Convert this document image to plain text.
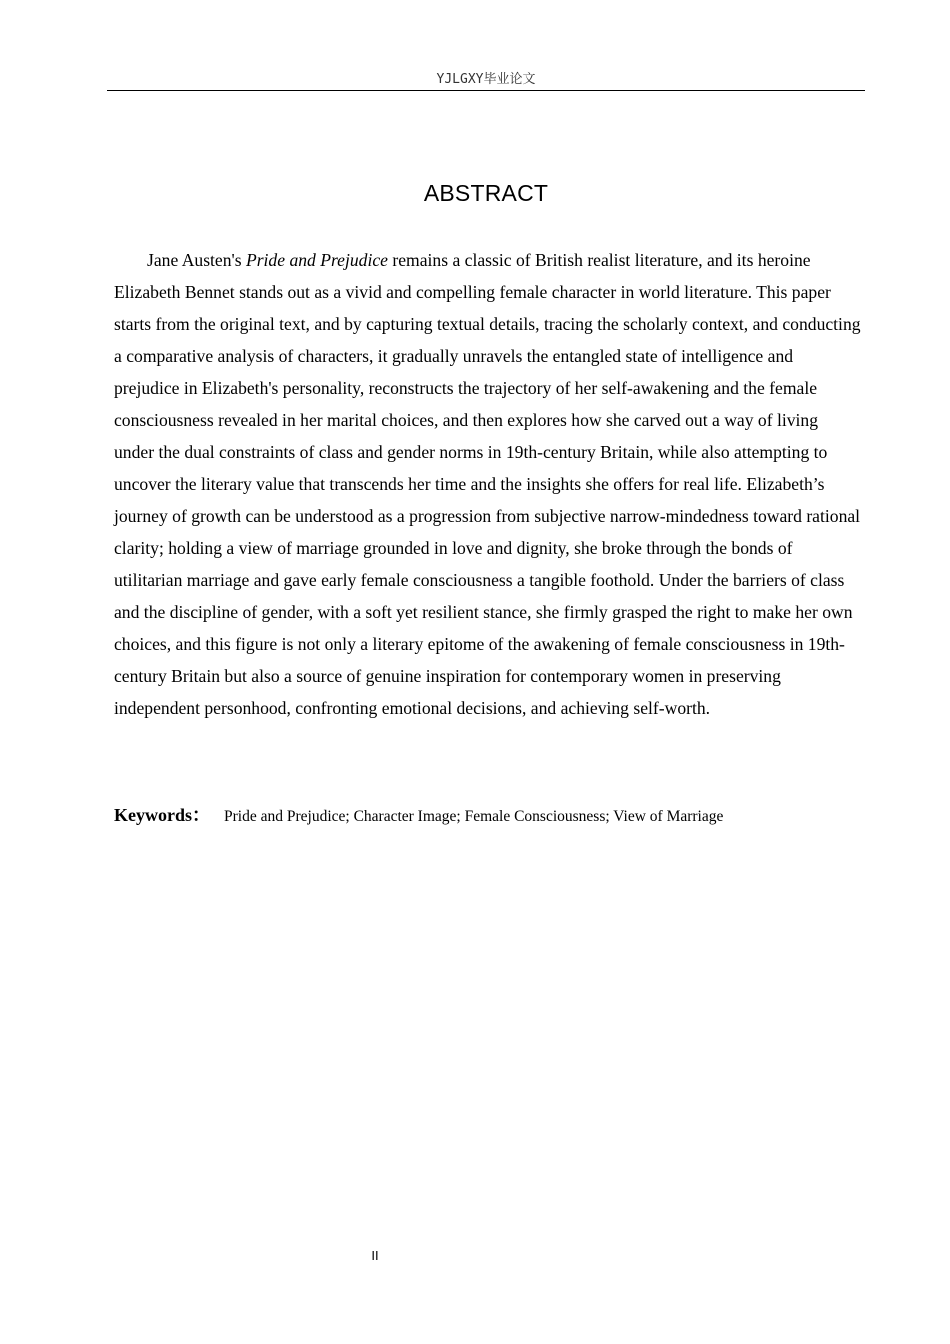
YJLGXY毕业论文
ABSTRACT

Jane Austen's Pride and Prejudice remains a classic of British realist literature, and its heroine Elizabeth Bennet stands out as a vivid and compelling female character in world literature. This paper starts from the original text, and by capturing textual details, tracing the scholarly context, and conducting a comparative analysis of characters, it gradually unravels the entangled state of intelligence and prejudice in Elizabeth's personality, reconstructs the trajectory of her self-awakening and the female consciousness revealed in her marital choices, and then explores how she carved out a way of living under the dual constraints of class and gender norms in 19th-century Britain, while also attempting to uncover the literary value that transcends her time and the insights she offers for real life. Elizabeth’s journey of growth can be understood as a progression from subjective narrow-mindedness toward rational clarity; holding a view of marriage grounded in love and dignity, she broke through the bonds of utilitarian marriage and gave early female consciousness a tangible foothold. Under the barriers of class and the discipline of gender, with a soft yet resilient stance, she firmly grasped the right to make her own choices, and this figure is not only a literary epitome of the awakening of female consciousness in 19th-century Britain but also a source of genuine inspiration for contemporary women in preserving independent personhood, confronting emotional decisions, and achieving self-worth.

Keywords： Pride and Prejudice; Character Image; Female Consciousness; View of Marriage
II
